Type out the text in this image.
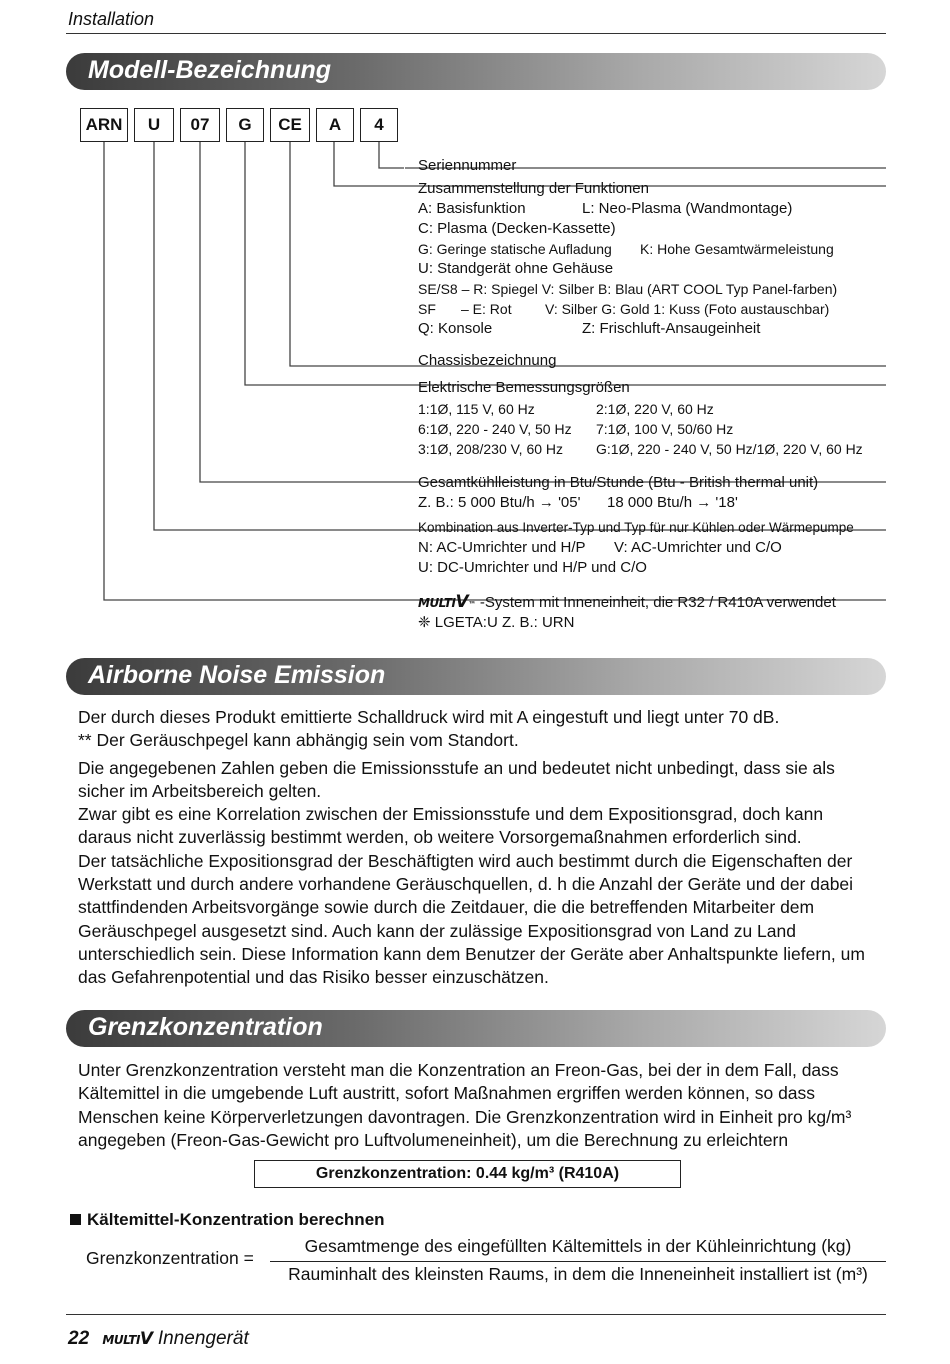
Installation
Modell-Bezeichnung
ARN	U	07	G	CE	A	4
Seriennummer
Zusammenstellung der Funktionen
A: Basisfunktion	L: Neo-Plasma (Wandmontage)
C: Plasma (Decken-Kassette)
G: Geringe statische Aufladung K: Hohe Gesamtwärmeleistung
U: Standgerät ohne Gehäuse
SE/S8 – R: Spiegel V: Silber B: Blau (ART COOL Typ Panel-farben)
SF – E: Rot V: Silber G: Gold 1: Kuss (Foto austauschbar)
Q: Konsole	Z: Frischluft-Ansaugeinheit
Chassisbezeichnung
Elektrische Bemessungsgrößen
1:1Ø, 115 V, 60 Hz	2:1Ø, 220 V, 60 Hz
6:1Ø, 220 - 240 V, 50 Hz 7:1Ø, 100 V, 50/60 Hz
3:1Ø, 208/230 V, 60 Hz G:1Ø, 220 - 240 V, 50 Hz/1Ø, 220 V, 60 Hz
Gesamtkühlleistung in Btu/Stunde (Btu - British thermal unit)
Z. B.: 5 000 Btu/h → '05' 18 000 Btu/h → '18'
Kombination aus Inverter-Typ und Typ für nur Kühlen oder Wärmepumpe
N: AC-Umrichter und H/P V: AC-Umrichter und C/O
U: DC-Umrichter und H/P und C/O
MULTIV™ -System mit Inneneinheit, die R32 / R410A verwendet
❈ LGETA:U Z. B.: URN
Airborne Noise Emission

Der durch dieses Produkt emittierte Schalldruck wird mit A eingestuft und liegt unter 70 dB.

** Der Geräuschpegel kann abhängig sein vom Standort.

Die angegebenen Zahlen geben die Emissionsstufe an und bedeutet nicht unbedingt, dass sie als sicher im Arbeitsbereich gelten.

Zwar gibt es eine Korrelation zwischen der Emissionsstufe und dem Expositionsgrad, doch kann daraus nicht zuverlässig bestimmt werden, ob weitere Vorsorgemaßnahmen erforderlich sind.

Der tatsächliche Expositionsgrad der Beschäftigten wird auch bestimmt durch die Eigenschaften der Werkstatt und durch andere vorhandene Geräuschquellen, d. h die Anzahl der Geräte und der dabei stattfindenden Arbeitsvorgänge sowie durch die Zeitdauer, die die betreffenden Mitarbeiter dem Geräuschpegel ausgesetzt sind. Auch kann der zulässige Expositionsgrad von Land zu Land unterschiedlich sein. Diese Information kann dem Benutzer der Geräte aber Anhaltspunkte liefern, um das Gefahrenpotential und das Risiko besser einzuschätzen.

Grenzkonzentration
Unter Grenzkonzentration versteht man die Konzentration an Freon-Gas, bei der in dem Fall, dass Kältemittel in die umgebende Luft austritt, sofort Maßnahmen ergriffen werden können, so dass Menschen keine Körperverletzungen davontragen. Die Grenzkonzentration wird in Einheit pro kg/m³ angegeben (Freon-Gas-Gewicht pro Luftvolumeneinheit), um die Berechnung zu erleichtern
Grenzkonzentration: 0.44 kg/m³ (R410A)
Kältemittel-Konzentration berechnen
Grenzkonzentration =
Gesamtmenge des eingefüllten Kältemittels in der Kühleinrichtung (kg)
Rauminhalt des kleinsten Raums, in dem die Inneneinheit installiert ist (m³)
22 MULTIV Innengerät
